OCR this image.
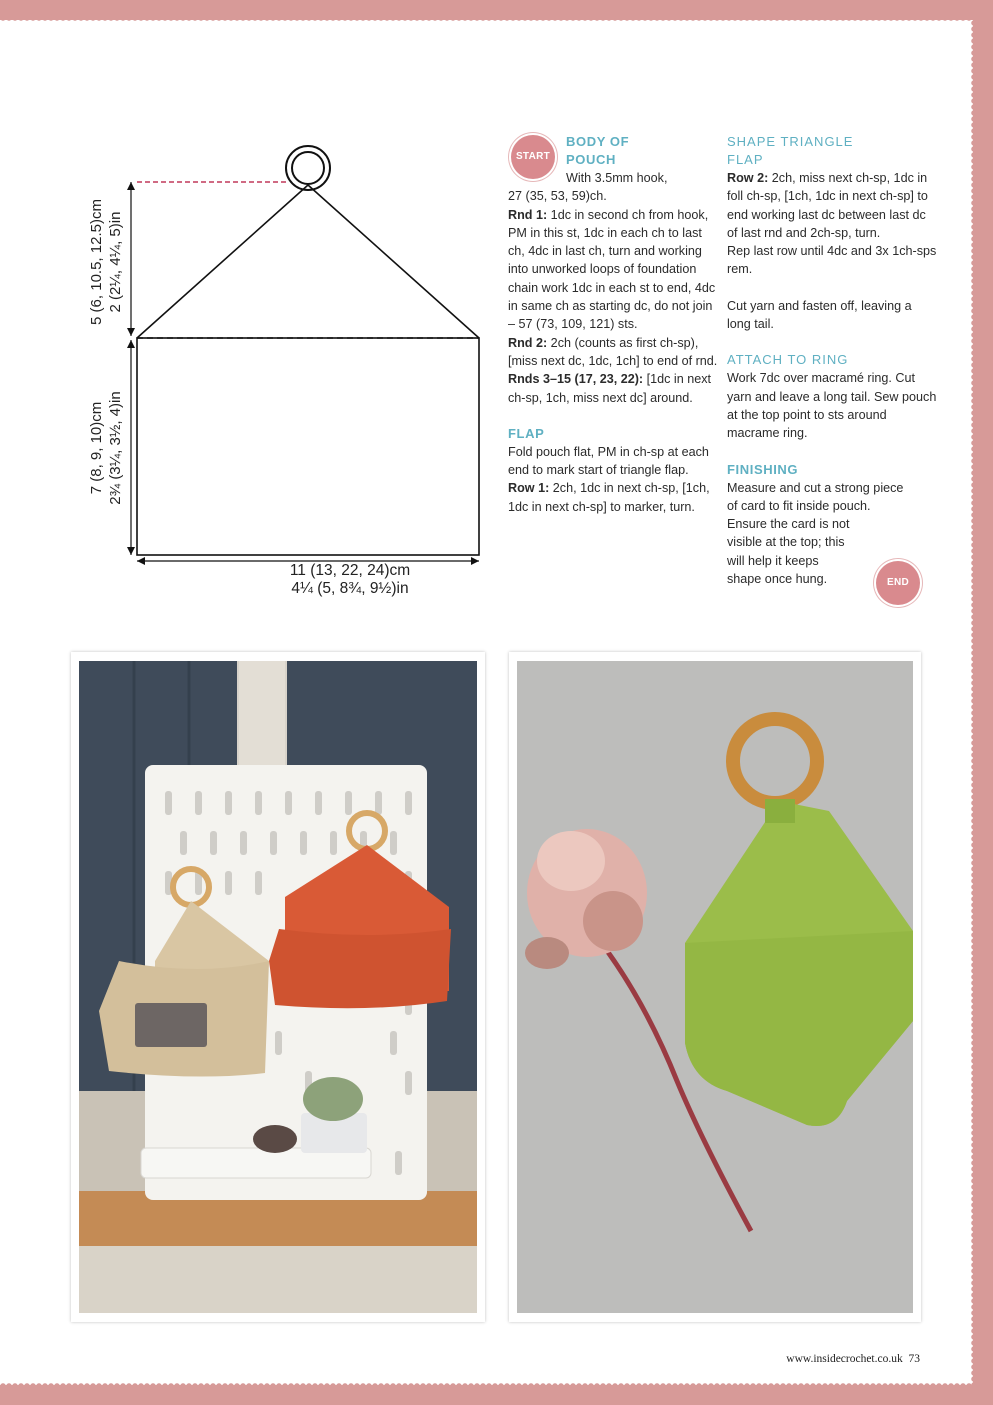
5 (6, 10.5, 12.5)cm 2 (2¼, 4¼, 5)in
7 (8, 9, 10)cm 2¾ (3¼, 3½, 4)in
11 (13, 22, 24)cm
4¼ (5, 8¾, 9½)in
START
BODY OF
POUCH
With 3.5mm hook,
27 (35, 53, 59)ch.

Rnd 1: 1dc in second ch from hook, PM in this st, 1dc in each ch to last ch, 4dc in last ch, turn and working into unworked loops of foundation chain work 1dc in each st to end, 4dc in same ch as starting dc, do not join – 57 (73, 109, 121) sts.

Rnd 2: 2ch (counts as first ch-sp), [miss next dc, 1dc, 1ch] to end of rnd.

Rnds 3–15 (17, 23, 22): [1dc in next ch-sp, 1ch, miss next dc] around.

FLAP

Fold pouch flat, PM in ch-sp at each end to mark start of triangle flap.

Row 1: 2ch, 1dc in next ch-sp, [1ch, 1dc in next ch-sp] to marker, turn.

SHAPE TRIANGLE
FLAP

Row 2: 2ch, miss next ch-sp, 1dc in foll ch-sp, [1ch, 1dc in next ch-sp] to end working last dc between last dc of last rnd and 2ch-sp, turn.

Rep last row until 4dc and 3x 1ch-sps rem.

Cut yarn and fasten off, leaving a long tail.

ATTACH TO RING

Work 7dc over macramé ring. Cut yarn and leave a long tail. Sew pouch at the top point to sts around macrame ring.

FINISHING
Measure and cut a strong piece
of card to fit inside pouch.
Ensure the card is not
visible at the top; this
will help it keeps
shape once hung.	END
www.insidecrochet.co.uk 73
